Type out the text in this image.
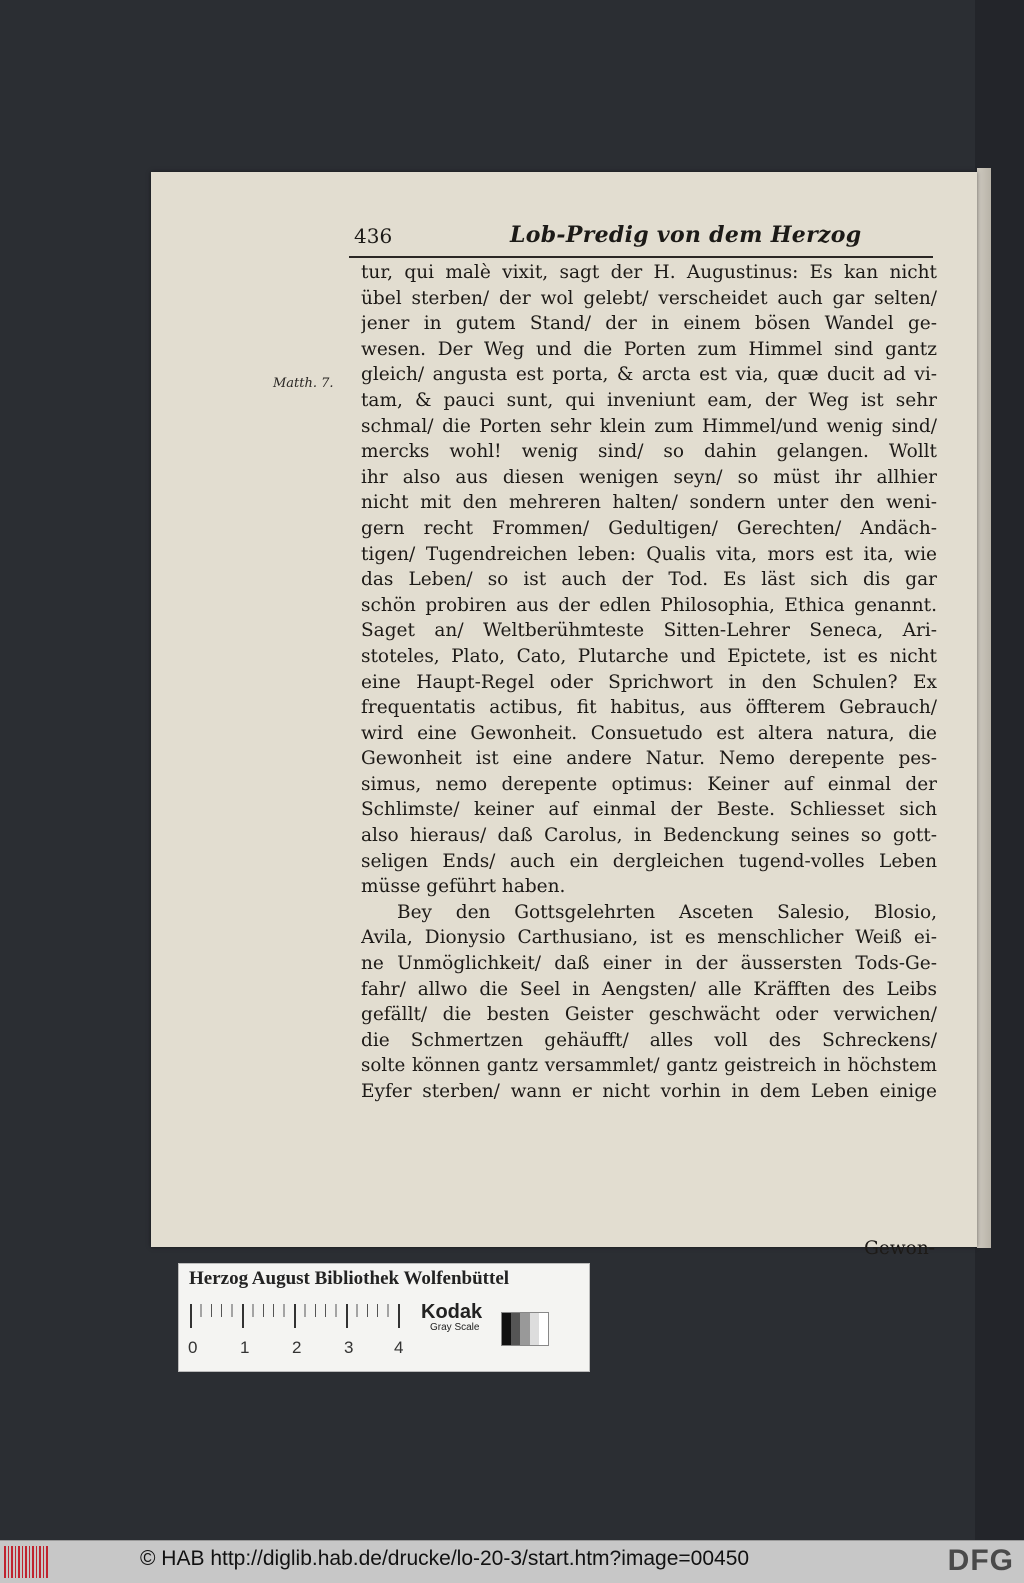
436	Lob-Predig von dem Herzog
Matth. 7.
tur, qui malè vixit, sagt der H. Augustinus: Es kan nicht
übel sterben/ der wol gelebt/ verscheidet auch gar selten/
jener in gutem Stand/ der in einem bösen Wandel ge-
wesen. Der Weg und die Porten zum Himmel sind gantz
gleich/ angusta est porta, & arcta est via, quæ ducit ad vi-
tam, & pauci sunt, qui inveniunt eam, der Weg ist sehr
schmal/ die Porten sehr klein zum Himmel/und wenig sind/
mercks wohl! wenig sind/ so dahin gelangen. Wollt
ihr also aus diesen wenigen seyn/ so müst ihr allhier
nicht mit den mehreren halten/ sondern unter den weni-
gern recht Frommen/ Gedultigen/ Gerechten/ Andäch-
tigen/ Tugendreichen leben: Qualis vita, mors est ita, wie
das Leben/ so ist auch der Tod. Es läst sich dis gar
schön probiren aus der edlen Philosophia, Ethica genannt.
Saget an/ Weltberühmteste Sitten-Lehrer Seneca, Ari-
stoteles, Plato, Cato, Plutarche und Epictete, ist es nicht
eine Haupt-Regel oder Sprichwort in den Schulen? Ex
frequentatis actibus, fit habitus, aus öffterem Gebrauch/
wird eine Gewonheit. Consuetudo est altera natura, die
Gewonheit ist eine andere Natur. Nemo derepente pes-
simus, nemo derepente optimus: Keiner auf einmal der
Schlimste/ keiner auf einmal der Beste. Schliesset sich
also hieraus/ daß Carolus, in Bedenckung seines so gott-
seligen Ends/ auch ein dergleichen tugend-volles Leben
müsse geführt haben.
Bey den Gottsgelehrten Asceten Salesio, Blosio,
Avila, Dionysio Carthusiano, ist es menschlicher Weiß ei-
ne Unmöglichkeit/ daß einer in der äussersten Tods-Ge-
fahr/ allwo die Seel in Aengsten/ alle Kräfften des Leibs
gefällt/ die besten Geister geschwächt oder verwichen/
die Schmertzen gehäufft/ alles voll des Schreckens/
solte können gantz versammlet/ gantz geistreich in höchstem
Eyfer sterben/ wann er nicht vorhin in dem Leben einige
Gewon-
Herzog August Bibliothek Wolfenbüttel
0	1	2	3 4
Kodak
Gray Scale
© HAB http://diglib.hab.de/drucke/lo-20-3/start.htm?image=00450	DFG
